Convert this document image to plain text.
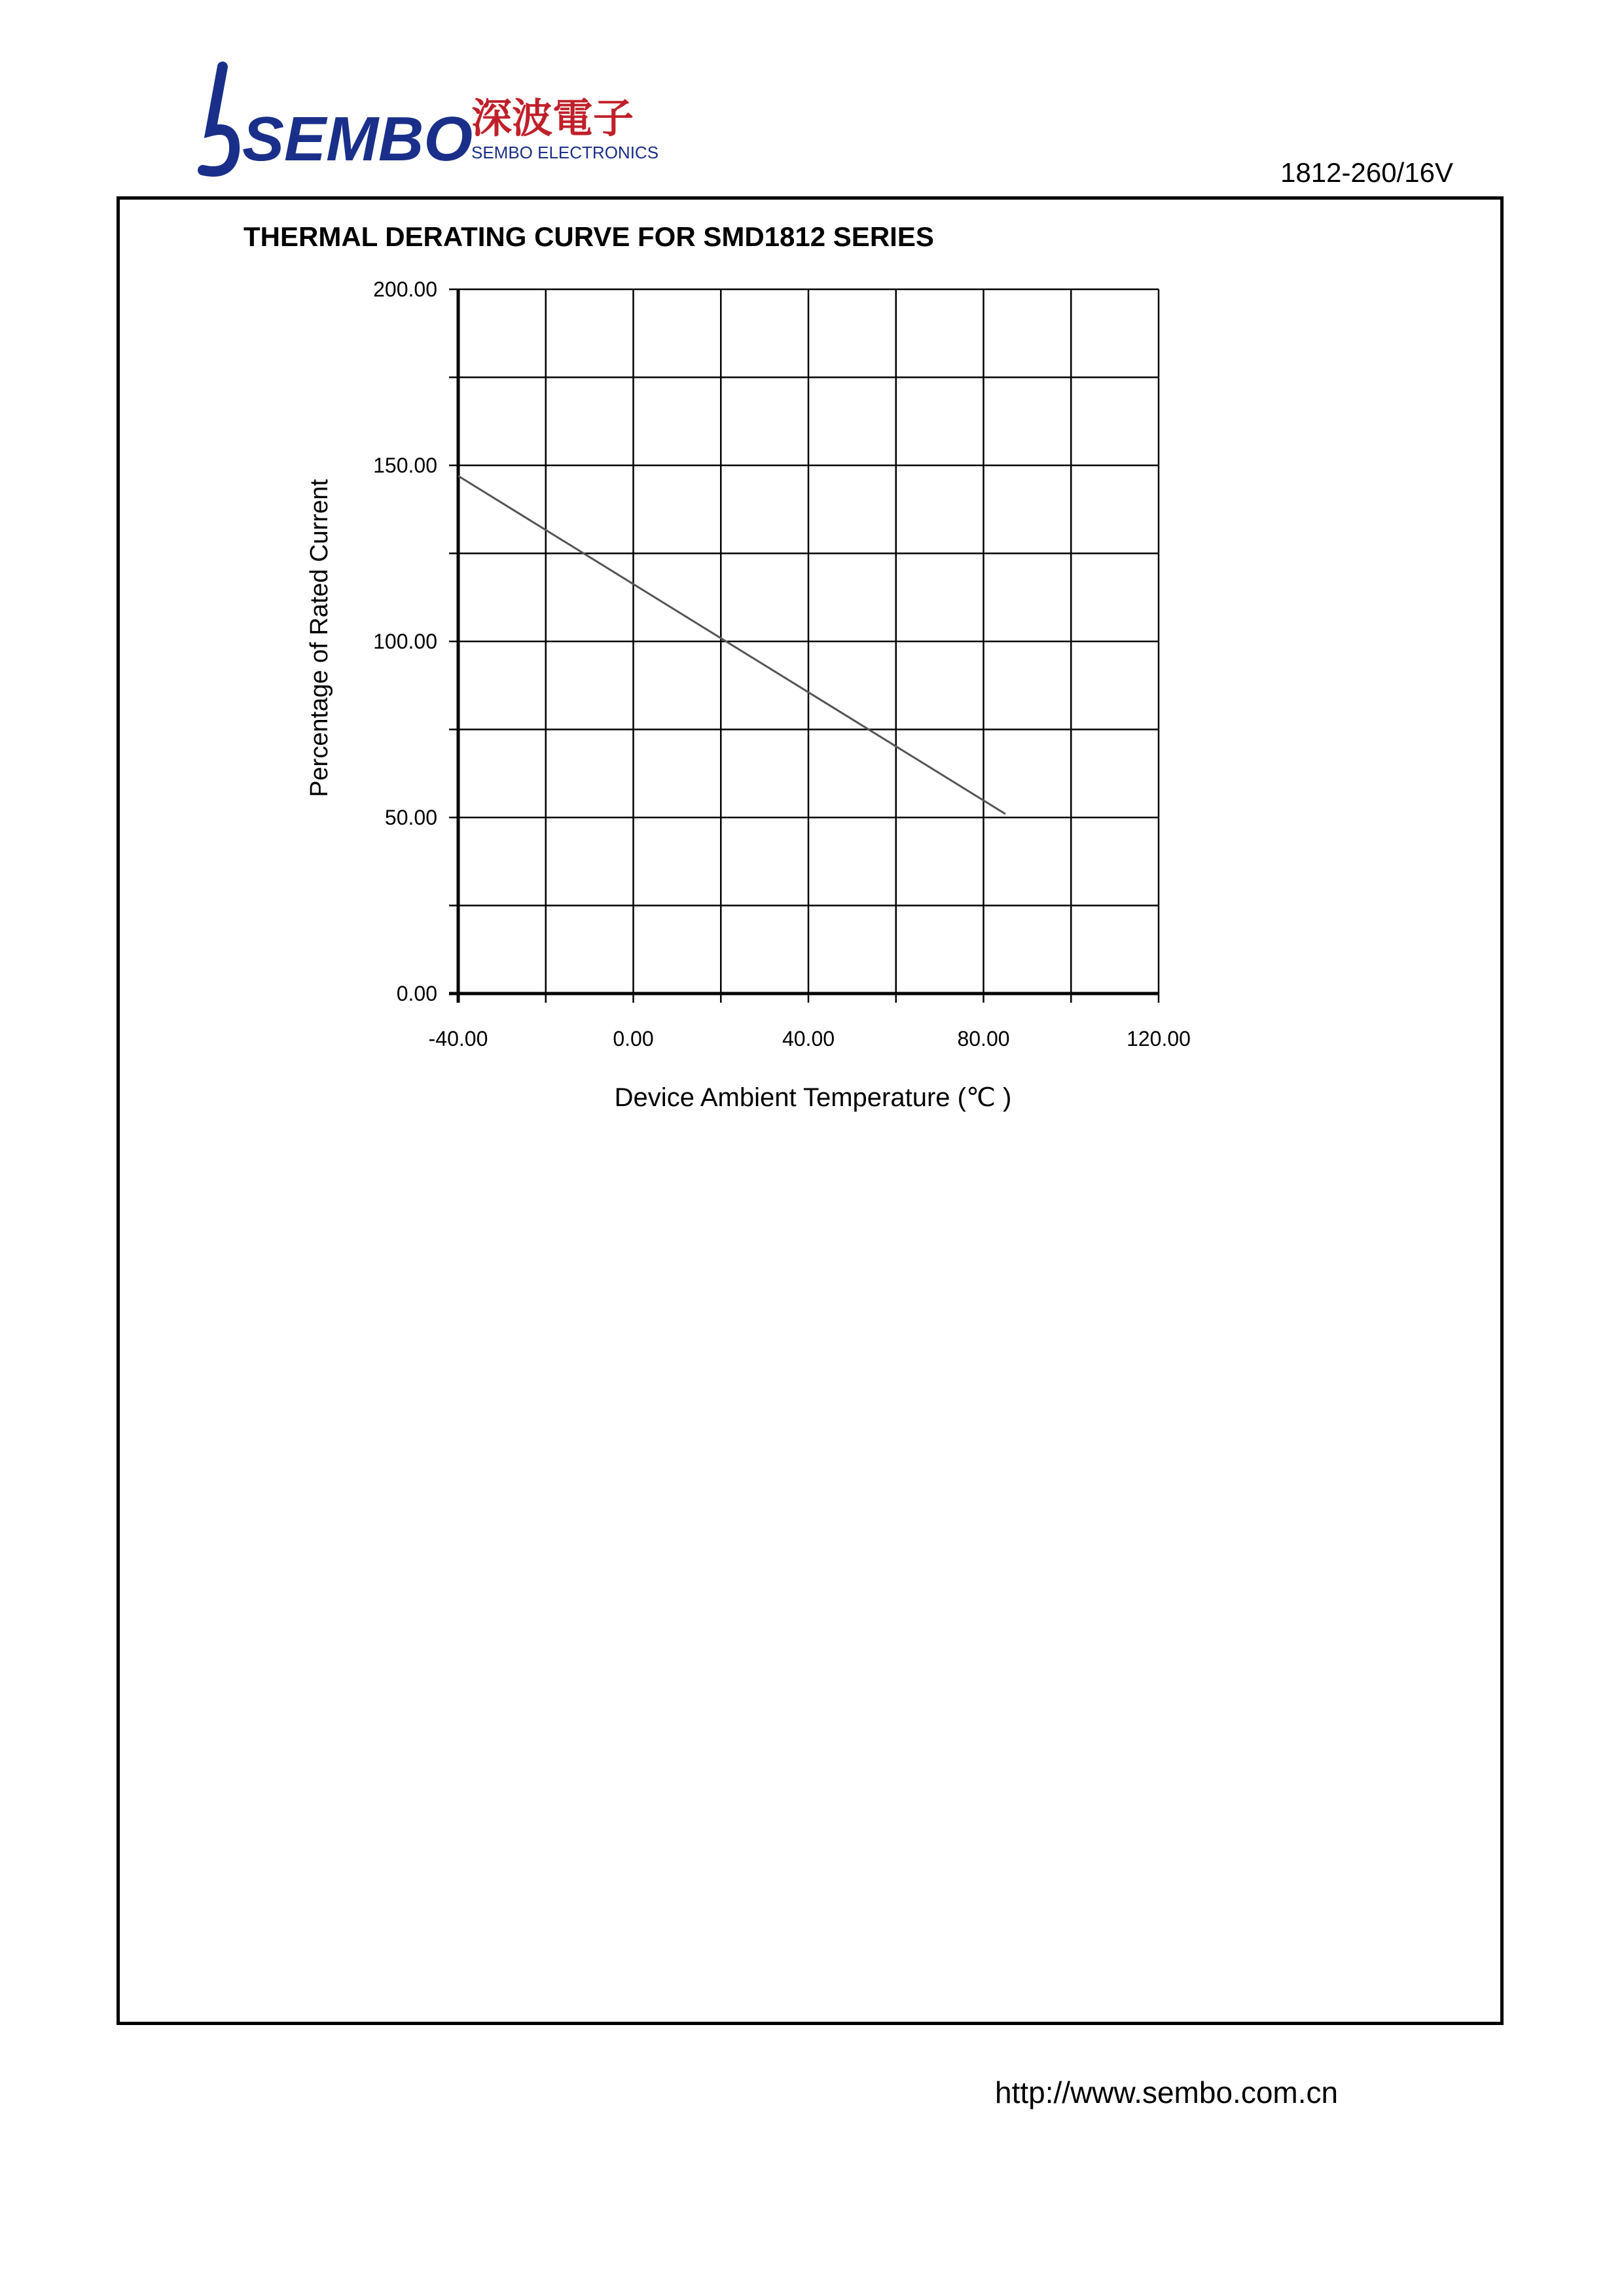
SEMBO
深波電子
SEMBO ELECTRONICS
1812-260/16V
THERMAL DERATING CURVE FOR SMD1812 SERIES
-40.00	0.00	40.00	80.00	120.00
0.00
50.00
100.00
150.00
200.00
Device Ambient Temperature (℃ )
Percentage of Rated Current
http://www.sembo.com.cn
